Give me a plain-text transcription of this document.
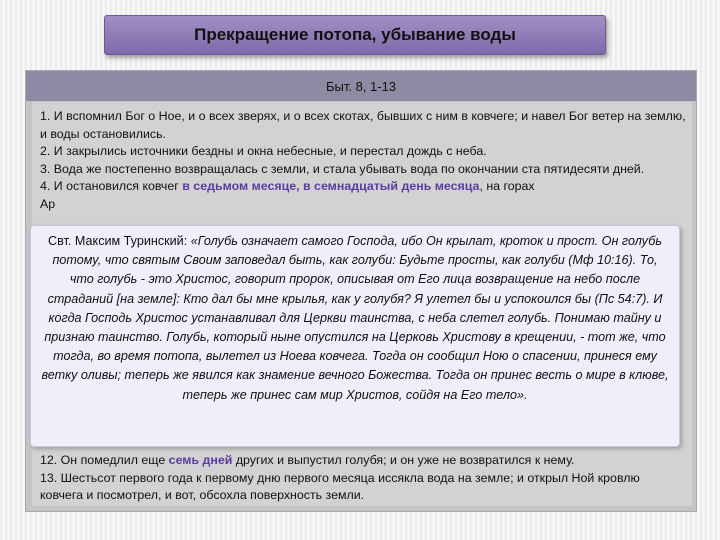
Прекращение потопа, убывание воды
Быт. 8, 1-13

1. И вспомнил Бог о Ное, и о всех зверях, и о всех скотах, бывших с ним в ковчеге; и навел Бог ветер на землю, и воды остановились.

2. И закрылись источники бездны и окна небесные, и перестал дождь с неба.

3. Вода же постепенно возвращалась с земли, и стала убывать вода по окончании ста пятидесяти дней.

4. И остановился ковчег в седьмом месяце, в семнадцатый день месяца, на горах

Ар

12. Он помедлил еще семь дней других и выпустил голубя; и он уже не возвратился к нему.

13. Шестьсот первого года к первому дню первого месяца иссякла вода на земле; и открыл Ной кровлю ковчега и посмотрел, и вот, обсохла поверхность земли.

Свт. Максим Туринский: «Голубь означает самого Господа, ибо Он крылат, кроток и прост. Он голубь потому, что святым Своим заповедал быть, как голуби: Будьте просты, как голуби (Мф 10:16). То, что голубь - это Христос, говорит пророк, описывая от Его лица возвращение на небо после страданий [на земле]: Кто дал бы мне крылья, как у голубя? Я улетел бы и успокоился бы (Пс 54:7). И когда Господь Христос устанавливал для Церкви таинства, с неба слетел голубь. Понимаю тайну и признаю таинство. Голубь, который ныне опустился на Церковь Христову в крещении, - тот же, что тогда, во время потопа, вылетел из Ноева ковчега. Тогда он сообщил Ною о спасении, принеся ему ветку оливы; теперь же явился как знамение вечного Божества. Тогда он принес весть о мире в клюве, теперь же принес сам мир Христов, сойдя на Его тело».
